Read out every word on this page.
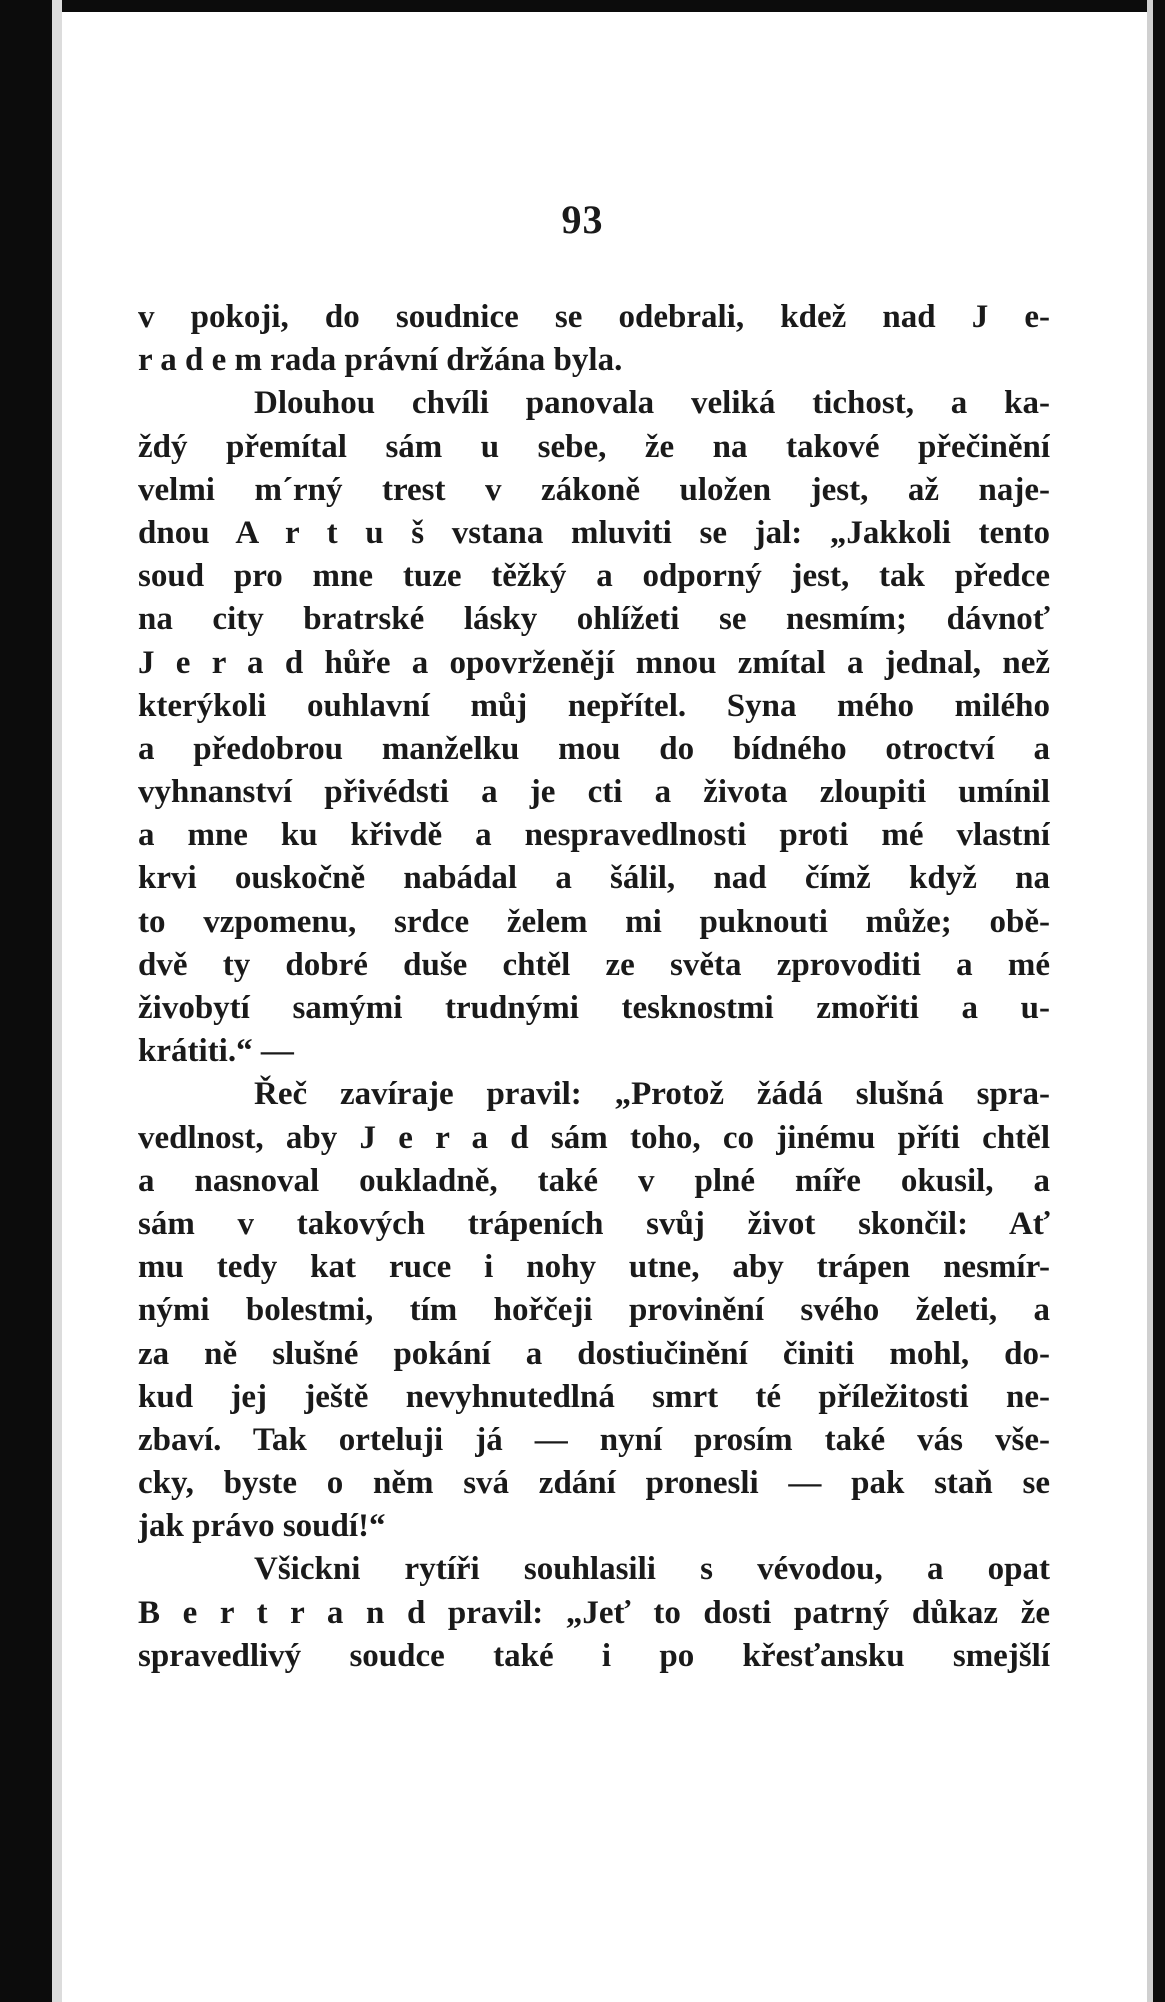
93
v pokoji, do soudnice se odebrali, kdež nad J e-
r a d e m rada právní držána byla.
Dlouhou chvíli panovala veliká tichost, a ka-
ždý přemítal sám u sebe, že na takové přečinění
velmi m´rný trest v zákoně uložen jest, až naje-
dnou A r t u š vstana mluviti se jal: „Jakkoli tento
soud pro mne tuze těžký a odporný jest, tak předce
na city bratrské lásky ohlížeti se nesmím; dávnoť
J e r a d hůře a opovrženějí mnou zmítal a jednal, než
kterýkoli ouhlavní můj nepřítel. Syna mého milého
a předobrou manželku mou do bídného otroctví a
vyhnanství přivédsti a je cti a života zloupiti umínil
a mne ku křivdě a nespravedlnosti proti mé vlastní
krvi ouskočně nabádal a šálil, nad čímž když na
to vzpomenu, srdce želem mi puknouti může; obě-
dvě ty dobré duše chtěl ze světa zprovoditi a mé
živobytí samými trudnými tesknostmi zmořiti a u-
krátiti.“ —
Řeč zavíraje pravil: „Protož žádá slušná spra-
vedlnost, aby J e r a d sám toho, co jinému příti chtěl
a nasnoval oukladně, také v plné míře okusil, a
sám v takových trápeních svůj život skončil: Ať
mu tedy kat ruce i nohy utne, aby trápen nesmír-
nými bolestmi, tím hořčeji provinění svého želeti, a
za ně slušné pokání a dostiučinění činiti mohl, do-
kud jej ještě nevyhnutedlná smrt té příležitosti ne-
zbaví. Tak orteluji já — nyní prosím také vás vše-
cky, byste o něm svá zdání pronesli — pak staň se
jak právo soudí!“
Všickni rytíři souhlasili s vévodou, a opat
B e r t r a n d pravil: „Jeť to dosti patrný důkaz že
spravedlivý soudce také i po křesťansku smejšlí
